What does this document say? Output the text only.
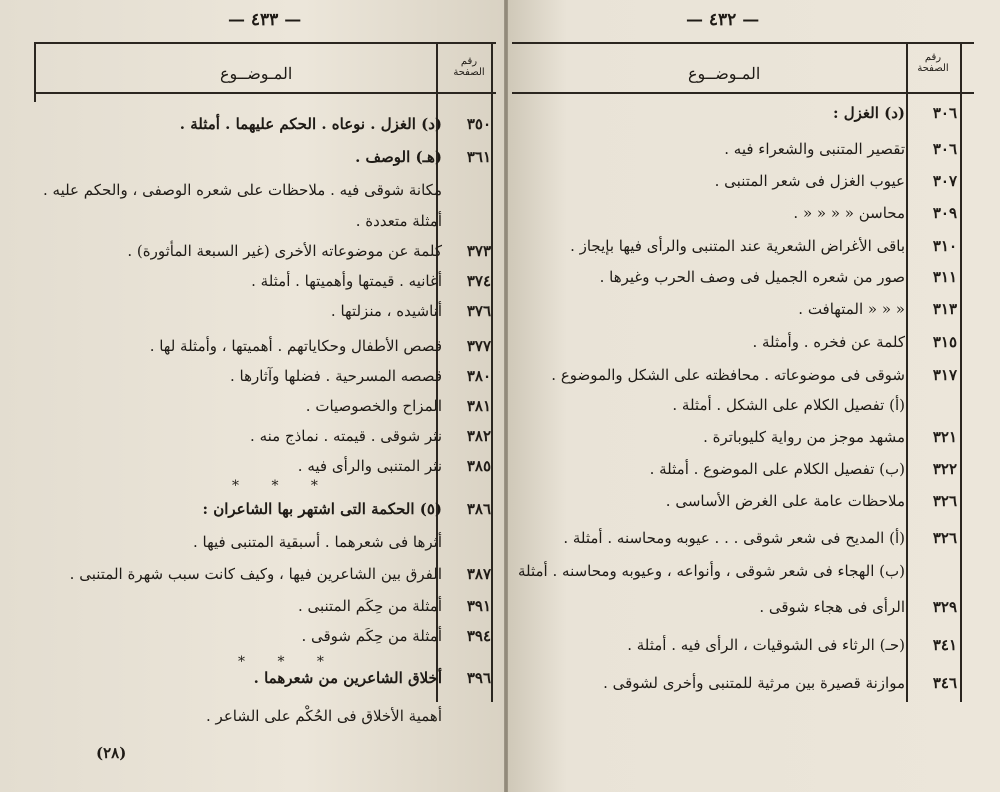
— ٤٣٣ —
المـوضــوع
رقم الصفحة
٣٥٠
(د) الغزل . نوعاه . الحكم عليهما . أمثلة .
٣٦١
(هـ) الوصف .
مكانة شوقى فيه . ملاحظات على شعره الوصفى ، والحكم عليه .
أمثلة متعددة .
٣٧٣
كلمة عن موضوعاته الأخرى (غير السبعة المأثورة) .
٣٧٤
أغانيه . قيمتها وأهميتها . أمثلة .
٣٧٦
أناشيده ، منزلتها .
٣٧٧
قصص الأطفال وحكاياتهم . أهميتها ، وأمثلة لها .
٣٨٠
قصصه المسرحية . فضلها وآثارها .
٣٨١
المزاح والخصوصيات .
٣٨٢
نثر شوقى . قيمته . نماذج منه .
٣٨٥
نثر المتنبى والرأى فيه .
٣٨٦
(٥) الحكمة التى اشتهر بها الشاعران :
أثرها فى شعرهما . أسبقية المتنبى فيها .
٣٨٧
الفرق بين الشاعرين فيها ، وكيف كانت سبب شهرة المتنبى .
٣٩١
أمثلة من حِكَم المتنبى .
٣٩٤
أمثلة من حِكَم شوقى .
٣٩٦
أخلاق الشاعرين من شعرهما .
أهمية الأخلاق فى الحُكْم على الشاعر .
* * *
* * *
(٢٨)
— ٤٣٢ —
المـوضــوع
رقم الصفحة
٣٠٦
(د) الغزل :
٣٠٦
تقصير المتنبى والشعراء فيه .
٣٠٧
عيوب الغزل فى شعر المتنبى .
٣٠٩
محاسن « « « « .
٣١٠
باقى الأغراض الشعرية عند المتنبى والرأى فيها بإيجاز .
٣١١
صور من شعره الجميل فى وصف الحرب وغيرها .
٣١٣
« « « المتهافت .
٣١٥
كلمة عن فخره . وأمثلة .
٣١٧
شوقى فى موضوعاته . محافظته على الشكل والموضوع .
(أ) تفصيل الكلام على الشكل . أمثلة .
٣٢١
مشهد موجز من رواية كليوباترة .
٣٢٢
(ب) تفصيل الكلام على الموضوع . أمثلة .
٣٢٦
ملاحظات عامة على الغرض الأساسى .
٣٢٦
(أ) المديح فى شعر شوقى . . . عيوبه ومحاسنه . أمثلة .
(ب) الهجاء فى شعر شوقى ، وأنواعه ، وعيوبه ومحاسنه . أمثلة
٣٢٩
الرأى فى هجاء شوقى .
٣٤١
(حـ) الرثاء فى الشوقيات ، الرأى فيه . أمثلة .
٣٤٦
موازنة قصيرة بين مرثية للمتنبى وأخرى لشوقى .
